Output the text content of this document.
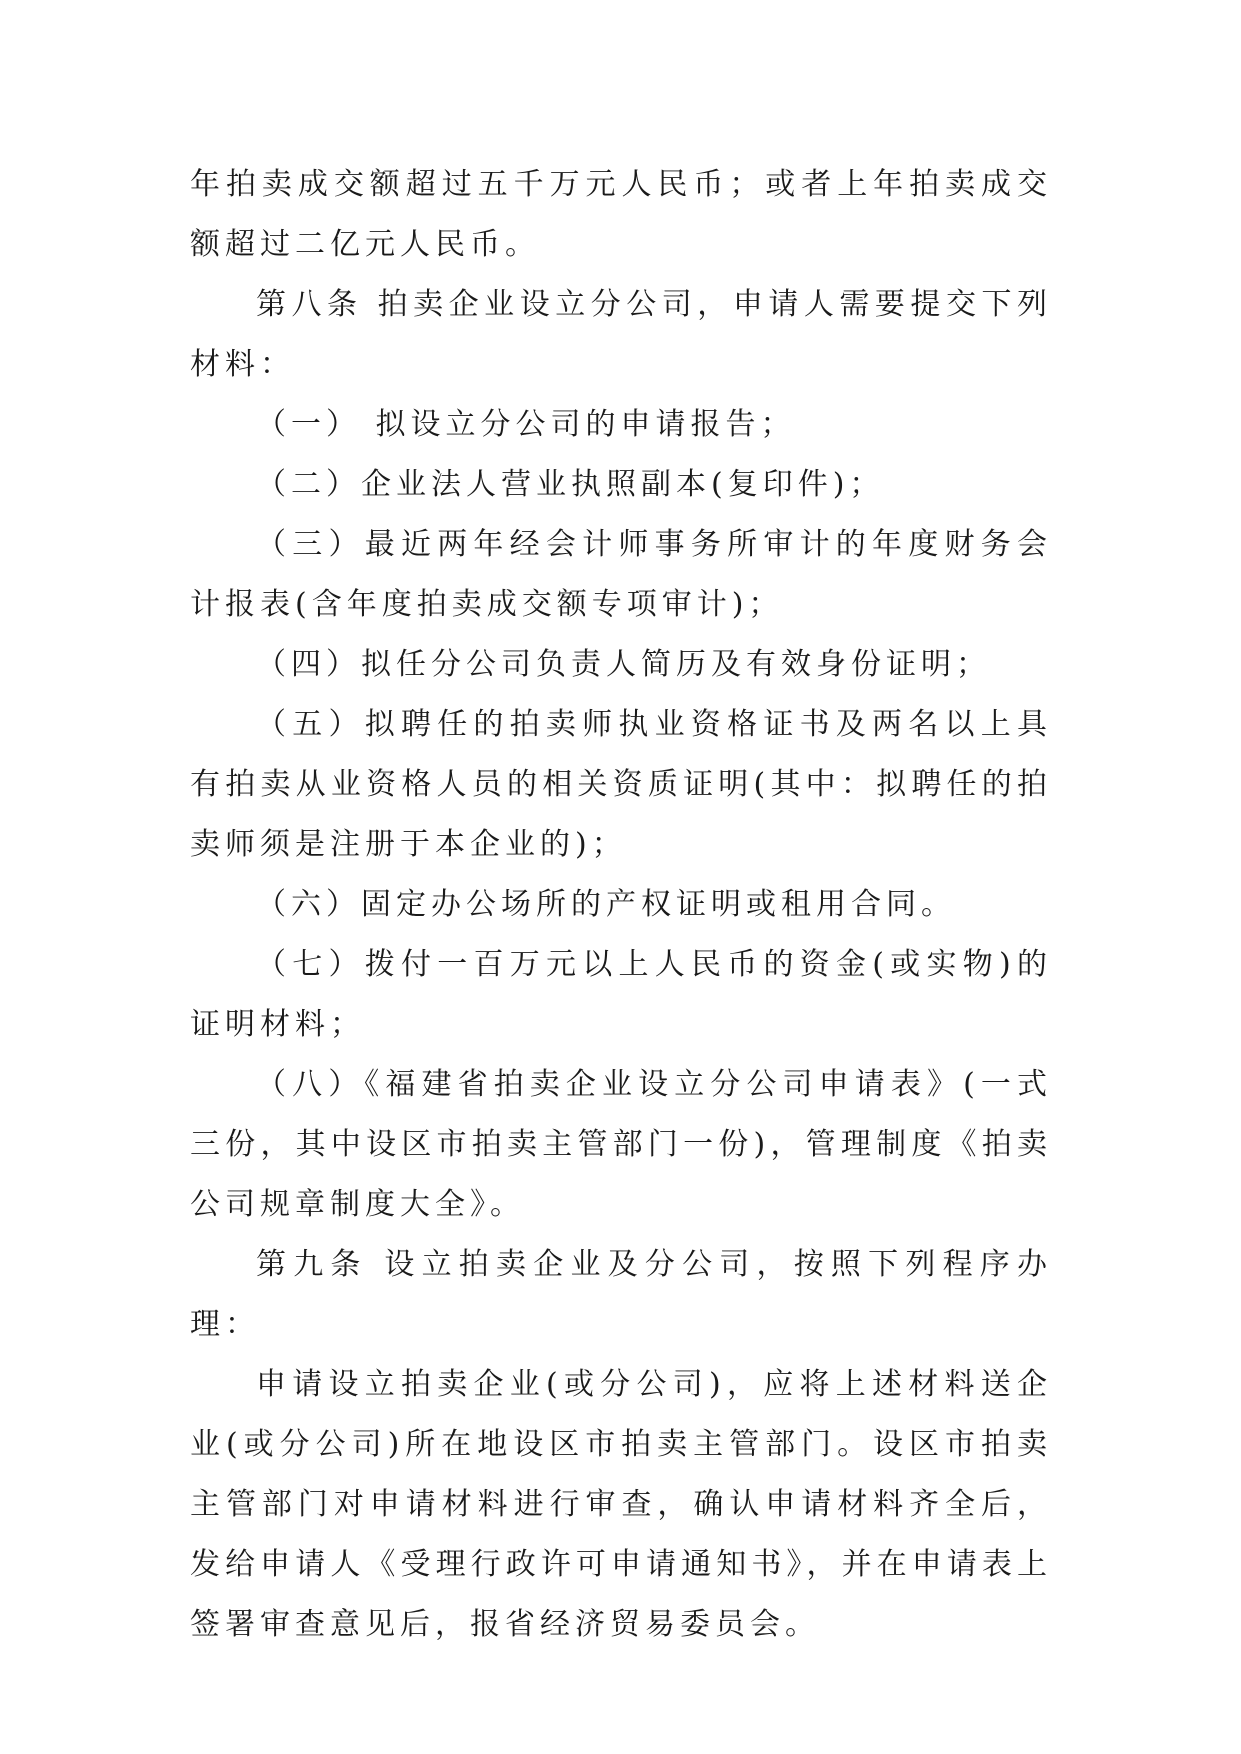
年拍卖成交额超过五千万元人民币；或者上年拍卖成交额超过二亿元人民币。

第八条 拍卖企业设立分公司，申请人需要提交下列材料：

（一） 拟设立分公司的申请报告；

（二）企业法人营业执照副本(复印件)；

（三）最近两年经会计师事务所审计的年度财务会计报表(含年度拍卖成交额专项审计)；

（四）拟任分公司负责人简历及有效身份证明；

（五）拟聘任的拍卖师执业资格证书及两名以上具有拍卖从业资格人员的相关资质证明(其中：拟聘任的拍卖师须是注册于本企业的)；

（六）固定办公场所的产权证明或租用合同。

（七）拨付一百万元以上人民币的资金(或实物)的证明材料；

（八）《福建省拍卖企业设立分公司申请表》(一式三份，其中设区市拍卖主管部门一份)，管理制度《拍卖公司规章制度大全》。

第九条 设立拍卖企业及分公司，按照下列程序办理：

申请设立拍卖企业(或分公司)，应将上述材料送企业(或分公司)所在地设区市拍卖主管部门。设区市拍卖主管部门对申请材料进行审查，确认申请材料齐全后，发给申请人《受理行政许可申请通知书》，并在申请表上签署审查意见后，报省经济贸易委员会。
